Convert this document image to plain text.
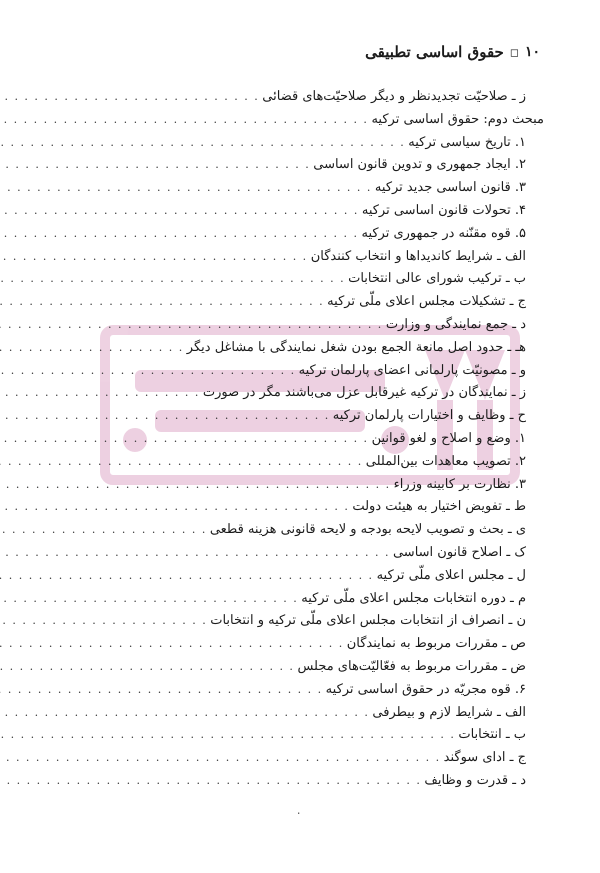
۱۰
◻
حقوق اساسی تطبیقی
ز ـ صلاحیّت تجدیدنظر و دیگر صلاحیّت‌های قضائی
. . .
مبحث دوم: حقوق اساسی ترکیه
. . .
۱. تاریخ سیاسی ترکیه
. . .
۲. ایجاد جمهوری و تدوین قانون اساسی
. . .
۳. قانون اساسی جدید ترکیه
. . .
۴. تحولات قانون اساسی ترکیه
. . .
۵. قوه مقنّنه در جمهوری ترکیه
. . .
الف ـ شرایط کاندیداها و انتخاب کنندگان
. . .
ب ـ ترکیب شورای عالی انتخابات
. . .
ج ـ تشکیلات مجلس اعلای ملّی ترکیه
. . .
د ـ جمع نمایندگی و وزارت
. . .
هـ ـ حدود اصل مانعة الجمع بودن شغل نمایندگی با مشاغل دیگر
. . .
و ـ مصونیّت پارلمانی اعضای پارلمان ترکیه
. . .
ز ـ نمایندگان در ترکیه غیرقابل عزل می‌باشند مگر در صورت
. . .
ح ـ وظایف و اختیارات پارلمان ترکیه
. . .
۱. وضع و اصلاح و لغو قوانین
. . .
۲. تصویب معاهدات بین‌المللی
. . .
۳. نظارت بر کابینه وزراء
. . .
ط ـ تفویض اختیار به هیئت دولت
. . .
ی ـ بحث و تصویب لایحه بودجه و لایحه قانونی هزینه قطعی
. . .
ک ـ اصلاح قانون اساسی
. . .
ل ـ مجلس اعلای ملّی ترکیه
. . .
م ـ دوره انتخابات مجلس اعلای ملّی ترکیه
. . .
ن ـ انصراف از انتخابات مجلس اعلای ملّی ترکیه و انتخابات
. . .
ص ـ مقررات مربوط به نمایندگان
. . .
ض ـ مقررات مربوط به فعّالیّت‌های مجلس
. . .
۶. قوه مجریّه در حقوق اساسی ترکیه
. . .
الف ـ شرایط لازم و بیطرفی
. . .
ب ـ انتخابات
. . .
ج ـ ادای سوگند
. . .
د ـ قدرت و وظایف
. . .
٠
